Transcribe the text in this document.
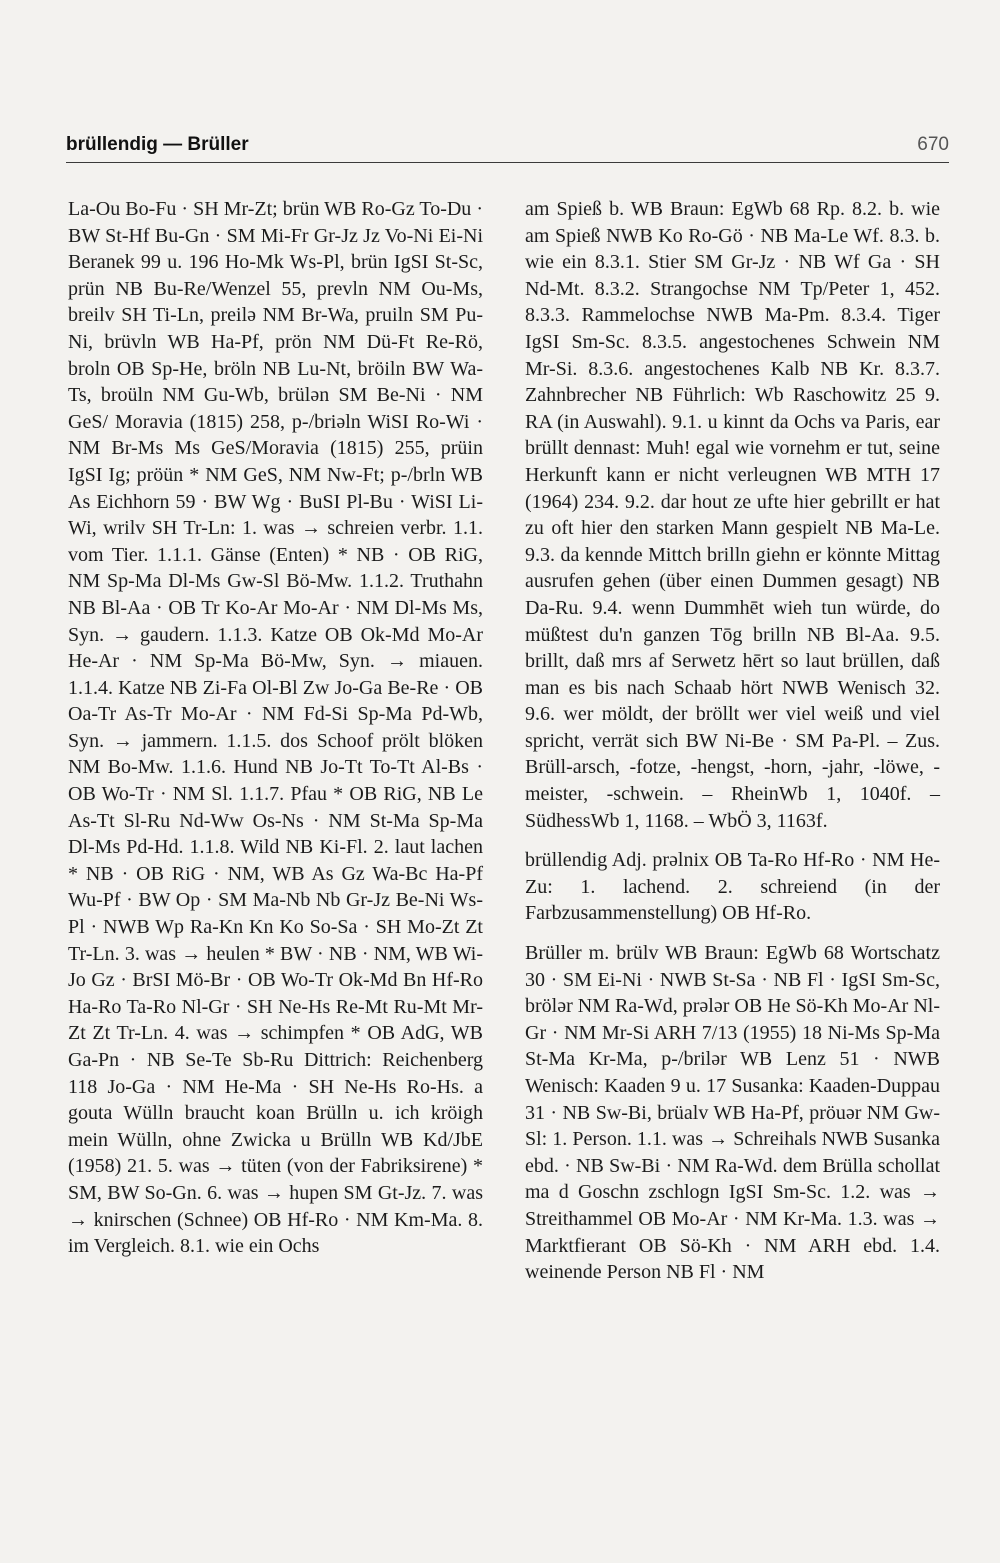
brüllendig — Brüller	670

La-Ou Bo-Fu · SH Mr-Zt; brün WB Ro-Gz To-Du · BW St-Hf Bu-Gn · SM Mi-Fr Gr-Jz Jz Vo-Ni Ei-Ni Beranek 99 u. 196 Ho-Mk Ws-Pl, brün IgSI St-Sc, prün NB Bu-Re/Wenzel 55, prevln NM Ou-Ms, breilv SH Ti-Ln, preilə NM Br-Wa, pruiln SM Pu-Ni, brüvln WB Ha-Pf, prön NM Dü-Ft Re-Rö, broln OB Sp-He, bröln NB Lu-Nt, bröiln BW Wa-Ts, broüln NM Gu-Wb, brülən SM Be-Ni · NM GeS/ Moravia (1815) 258, p-/briəln WiSI Ro-Wi · NM Br-Ms Ms GeS/Moravia (1815) 255, prüin IgSI Ig; pröün * NM GeS, NM Nw-Ft; p-/brln WB As Eichhorn 59 · BW Wg · BuSI Pl-Bu · WiSI Li-Wi, wrilv SH Tr-Ln: 1. was → schreien verbr. 1.1. vom Tier. 1.1.1. Gänse (Enten) * NB · OB RiG, NM Sp-Ma Dl-Ms Gw-Sl Bö-Mw. 1.1.2. Truthahn NB Bl-Aa · OB Tr Ko-Ar Mo-Ar · NM Dl-Ms Ms, Syn. → gaudern. 1.1.3. Katze OB Ok-Md Mo-Ar He-Ar · NM Sp-Ma Bö-Mw, Syn. → miauen. 1.1.4. Katze NB Zi-Fa Ol-Bl Zw Jo-Ga Be-Re · OB Oa-Tr As-Tr Mo-Ar · NM Fd-Si Sp-Ma Pd-Wb, Syn. → jammern. 1.1.5. dos Schoof prölt blöken NM Bo-Mw. 1.1.6. Hund NB Jo-Tt To-Tt Al-Bs · OB Wo-Tr · NM Sl. 1.1.7. Pfau * OB RiG, NB Le As-Tt Sl-Ru Nd-Ww Os-Ns · NM St-Ma Sp-Ma Dl-Ms Pd-Hd. 1.1.8. Wild NB Ki-Fl. 2. laut lachen * NB · OB RiG · NM, WB As Gz Wa-Bc Ha-Pf Wu-Pf · BW Op · SM Ma-Nb Nb Gr-Jz Be-Ni Ws-Pl · NWB Wp Ra-Kn Kn Ko So-Sa · SH Mo-Zt Zt Tr-Ln. 3. was → heulen * BW · NB · NM, WB Wi-Jo Gz · BrSI Mö-Br · OB Wo-Tr Ok-Md Bn Hf-Ro Ha-Ro Ta-Ro Nl-Gr · SH Ne-Hs Re-Mt Ru-Mt Mr-Zt Zt Tr-Ln. 4. was → schimpfen * OB AdG, WB Ga-Pn · NB Se-Te Sb-Ru Dittrich: Reichenberg 118 Jo-Ga · NM He-Ma · SH Ne-Hs Ro-Hs. a gouta Wülln braucht koan Brülln u. ich kröigh mein Wülln, ohne Zwicka u Brülln WB Kd/JbE (1958) 21. 5. was → tüten (von der Fabriksirene) * SM, BW So-Gn. 6. was → hupen SM Gt-Jz. 7. was → knirschen (Schnee) OB Hf-Ro · NM Km-Ma. 8. im Vergleich. 8.1. wie ein Ochs

am Spieß b. WB Braun: EgWb 68 Rp. 8.2. b. wie am Spieß NWB Ko Ro-Gö · NB Ma-Le Wf. 8.3. b. wie ein 8.3.1. Stier SM Gr-Jz · NB Wf Ga · SH Nd-Mt. 8.3.2. Strangochse NM Tp/Peter 1, 452. 8.3.3. Rammelochse NWB Ma-Pm. 8.3.4. Tiger IgSI Sm-Sc. 8.3.5. angestochenes Schwein NM Mr-Si. 8.3.6. angestochenes Kalb NB Kr. 8.3.7. Zahnbrecher NB Führlich: Wb Raschowitz 25 9. RA (in Auswahl). 9.1. u kinnt da Ochs va Paris, ear brüllt dennast: Muh! egal wie vornehm er tut, seine Herkunft kann er nicht verleugnen WB MTH 17 (1964) 234. 9.2. dar hout ze ufte hier gebrillt er hat zu oft hier den starken Mann gespielt NB Ma-Le. 9.3. da kennde Mittch brilln giehn er könnte Mittag ausrufen gehen (über einen Dummen gesagt) NB Da-Ru. 9.4. wenn Dummhēt wieh tun würde, do müßtest du'n ganzen Tōg brilln NB Bl-Aa. 9.5. brillt, daß mrs af Serwetz hērt so laut brüllen, daß man es bis nach Schaab hört NWB Wenisch 32. 9.6. wer möldt, der bröllt wer viel weiß und viel spricht, verrät sich BW Ni-Be · SM Pa-Pl. – Zus. Brüll-arsch, -fotze, -hengst, -horn, -jahr, -löwe, -meister, -schwein. – RheinWb 1, 1040f. – SüdhessWb 1, 1168. – WbÖ 3, 1163f.

brüllendig Adj. prəlnix OB Ta-Ro Hf-Ro · NM He-Zu: 1. lachend. 2. schreiend (in der Farbzusammenstellung) OB Hf-Ro.

Brüller m. brülv WB Braun: EgWb 68 Wortschatz 30 · SM Ei-Ni · NWB St-Sa · NB Fl · IgSI Sm-Sc, brölər NM Ra-Wd, prələr OB He Sö-Kh Mo-Ar Nl-Gr · NM Mr-Si ARH 7/13 (1955) 18 Ni-Ms Sp-Ma St-Ma Kr-Ma, p-/brilər WB Lenz 51 · NWB Wenisch: Kaaden 9 u. 17 Susanka: Kaaden-Duppau 31 · NB Sw-Bi, brüalv WB Ha-Pf, pröuər NM Gw-Sl: 1. Person. 1.1. was → Schreihals NWB Susanka ebd. · NB Sw-Bi · NM Ra-Wd. dem Brülla schollat ma d Goschn zschlogn IgSI Sm-Sc. 1.2. was → Streithammel OB Mo-Ar · NM Kr-Ma. 1.3. was → Marktfierant OB Sö-Kh · NM ARH ebd. 1.4. weinende Person NB Fl · NM
